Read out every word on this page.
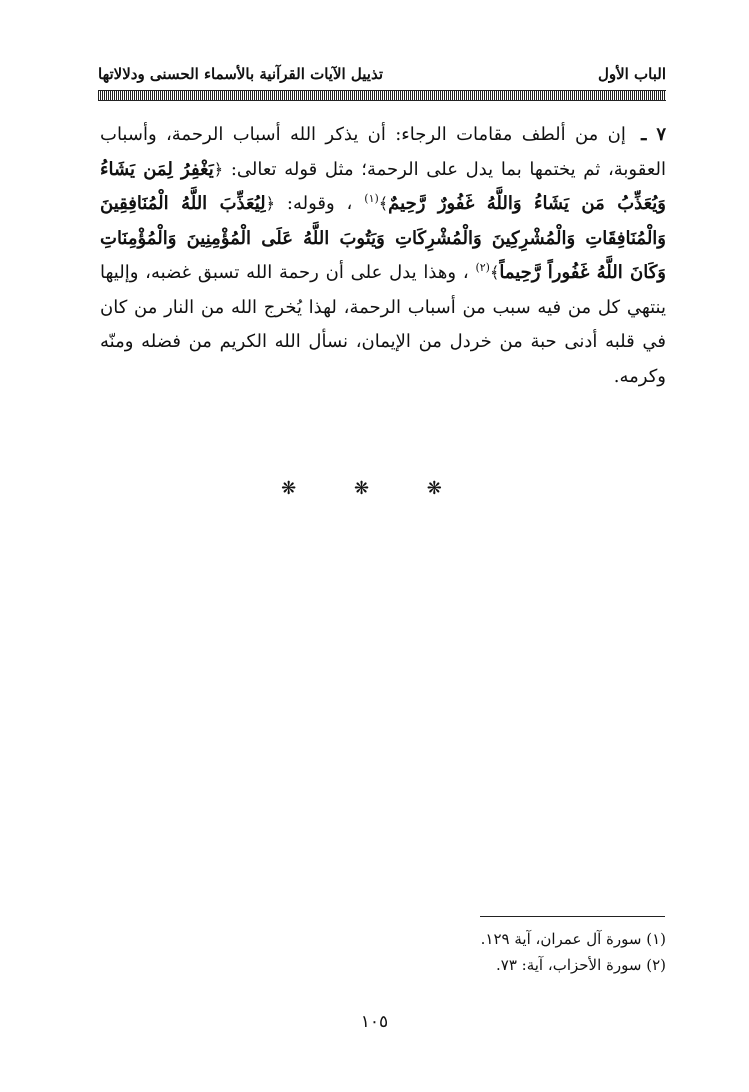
الباب الأول
تذييل الآيات القرآنية بالأسماء الحسنى ودلالاتها
٧ ـ إن من ألطف مقامات الرجاء: أن يذكر الله أسباب الرحمة، وأسباب العقوبة، ثم يختمها بما يدل على الرحمة؛ مثل قوله تعالى: ﴿يَغْفِرُ لِمَن يَشَاءُ وَيُعَذِّبُ مَن يَشَاءُ وَاللَّهُ غَفُورٌ رَّحِيمٌ﴾$^{(١)}$ ، وقوله: ﴿لِيُعَذِّبَ اللَّهُ الْمُنَافِقِينَ وَالْمُنَافِقَاتِ وَالْمُشْرِكِينَ وَالْمُشْرِكَاتِ وَيَتُوبَ اللَّهُ عَلَى الْمُؤْمِنِينَ وَالْمُؤْمِنَاتِ وَكَانَ اللَّهُ غَفُوراً رَّحِيماً﴾$^{(٢)}$ ، وهذا يدل على أن رحمة الله تسبق غضبه، وإليها ينتهي كل من فيه سبب من أسباب الرحمة، لهذا يُخرج الله من النار من كان في قلبه أدنى حبة من خردل من الإيمان، نسأل الله الكريم من فضله ومنّه وكرمه.
❋ ❋ ❋
(١) سورة آل عمران، آية ١٢٩.
(٢) سورة الأحزاب، آية: ٧٣.
١٠٥
